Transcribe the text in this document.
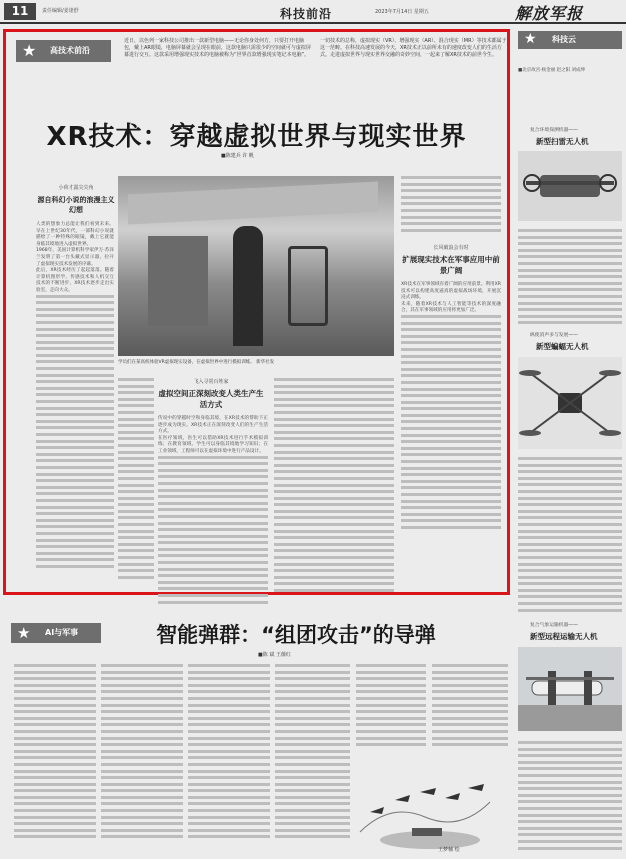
11	责任编辑/姜逢舒	科技前沿	2023年7月14日 星期五	解放军报
★ 高技术前沿

近日，以色列一家科技公司推出一款新型电脑——无论你身处何方，只要打开电脑包，戴上AR眼镜，电脑屏幕就会呈现在眼前，这款电脑只需很少的空间就可与虚拟屏幕进行交互。这款采用增强现实技术的电脑被称为“世界首款增强现实笔记本电脑”。

一切技术的总称，虚拟现实（VR）、增强现实（AR）、混合现实（MR）等技术都属于这一范畴。在科技高速发展的今天，XR技术正以前所未有的速度改变人们的生活方式。走进虚拟世界与现实世界交融的奇妙空间，一起来了解XR技术的前世今生。

XR技术：穿越虚拟世界与现实世界
■陈建兵 许 帆
学员们在某高校体验VR虚拟现实设备，在虚拟世界中进行模拟训练。 新华社发
小荷才露尖尖角
源自科幻小说的浪漫主义幻想

人类的想象力总能让我们看到未来。早在上世纪30年代，一部科幻小说就描绘了一种特殊的眼镜，戴上它就能身临其境地进入虚拟世界。

1968年，美国计算机科学家伊万·苏泽兰发明了第一台头戴式显示器，拉开了虚拟现实技术发展的序幕。

此后，XR技术经历了起起落落。随着计算机图形学、传感技术和人机交互技术的不断进步，XR技术逐步走出实验室，走向大众。

飞入寻常百姓家
虚拟空间正深刻改变人类生产生活方式

传说中的穿越时空和身临其境，在XR技术的帮助下正逐步成为现实。XR技术正在深刻改变人们的生产生活方式。

在医疗领域，医生可以借助XR技术进行手术模拟训练；在教育领域，学生可以身临其境地学习知识；在工业领域，工程师可以在虚拟环境中进行产品设计。

长风破浪会有时
扩展现实技术在军事应用中前景广阔

XR技术在军事领域有着广阔的应用前景。利用XR技术可以构建高度逼真的虚拟战场环境，开展沉浸式训练。

未来，随着XR技术与人工智能等技术的深度融合，其在军事领域的应用将更加广泛。

★ 科技云
■北京故宫·杨金丽 赵之阳 刘成坤
复合环境探测机器——
新型扫雷无人机
纵使消声多与发展——
新型蝙蝠无人机
复合气象运输机器——
新型远程运输无人机
★ AI与军事	智能弹群：“组团攻击”的导弹
■陈 斌 王薇红
王梦楠 绘
